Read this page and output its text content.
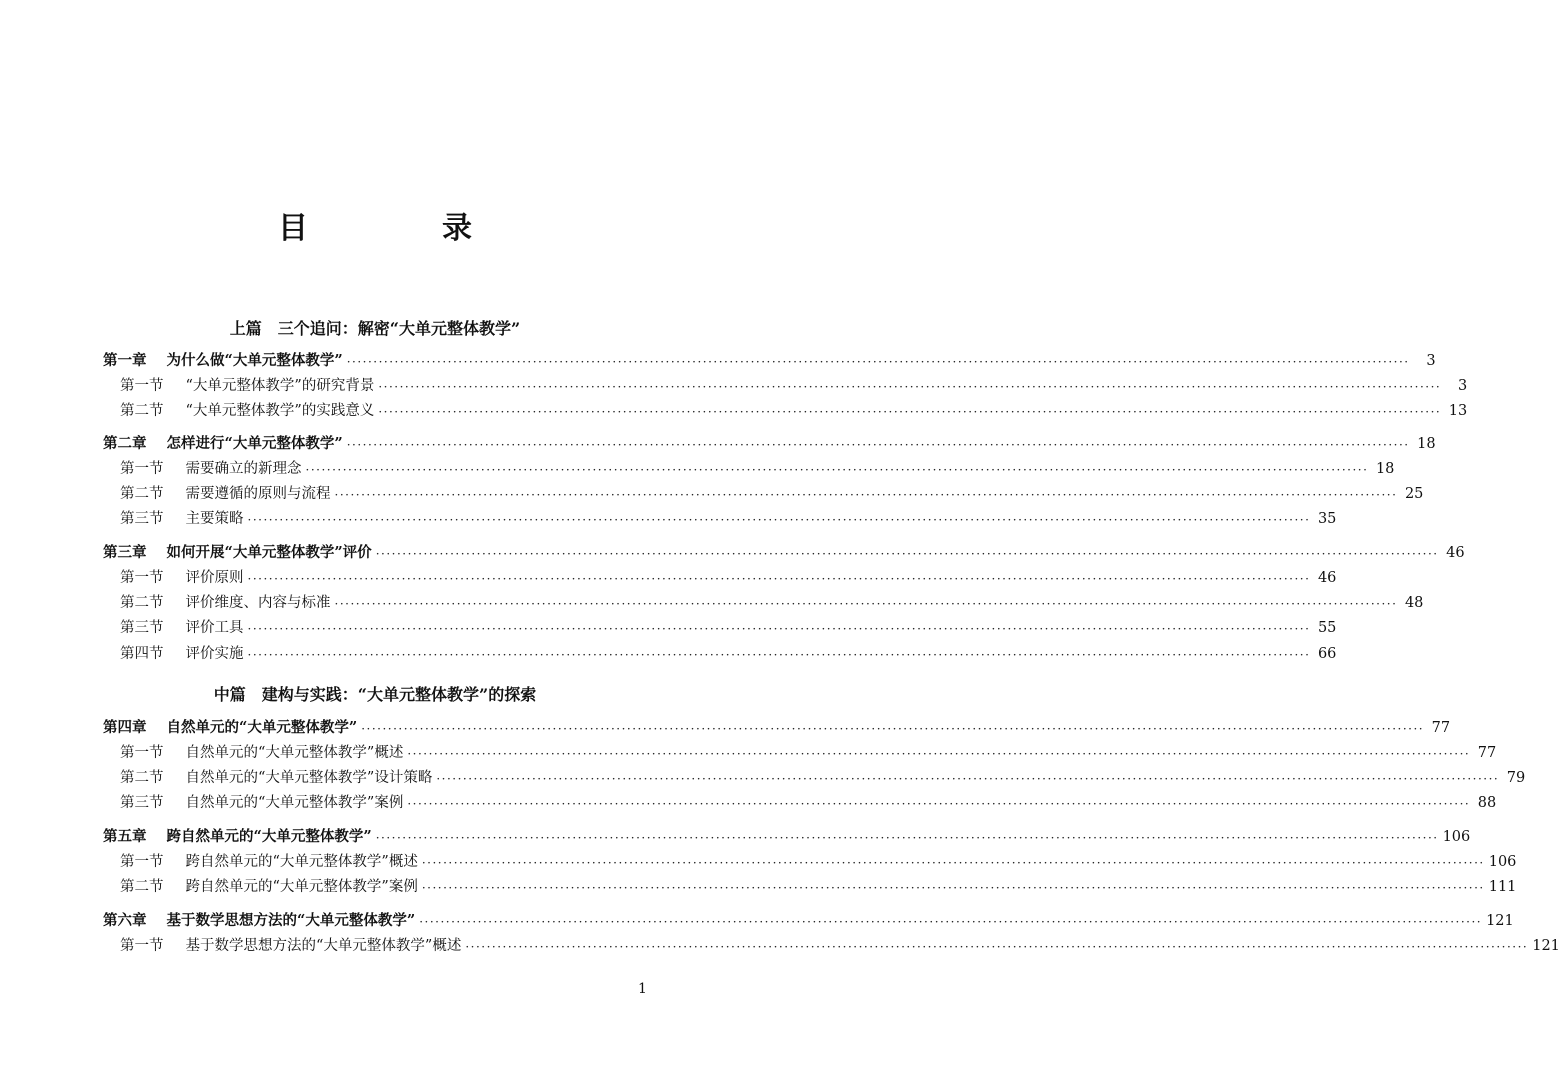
目　录
上篇　三个追问：解密“大单元整体教学”
中篇　建构与实践：“大单元整体教学”的探索
第一章 为什么做“大单元整体教学” ········································································································································································································	3
第一节 “大单元整体教学”的研究背景 ········································································································································································································	3
第二节 “大单元整体教学”的实践意义 ········································································································································································································ 13
第二章 怎样进行“大单元整体教学” ········································································································································································································ 18
第一节 需要确立的新理念 ········································································································································································································ 18
第二节 需要遵循的原则与流程 ········································································································································································································ 25
第三节 主要策略 ········································································································································································································ 35
第三章 如何开展“大单元整体教学”评价 ········································································································································································································ 46
第一节 评价原则 ········································································································································································································ 46
第二节 评价维度、内容与标准 ········································································································································································································ 48
第三节 评价工具 ········································································································································································································ 55
第四节 评价实施 ········································································································································································································ 66
第四章 自然单元的“大单元整体教学” ········································································································································································································ 77
第一节 自然单元的“大单元整体教学”概述 ········································································································································································································ 77
第二节 自然单元的“大单元整体教学”设计策略 ········································································································································································································ 79
第三节 自然单元的“大单元整体教学”案例 ········································································································································································································ 88
第五章 跨自然单元的“大单元整体教学” ········································································································································································································ 106
第一节 跨自然单元的“大单元整体教学”概述 ········································································································································································································ 106
第二节 跨自然单元的“大单元整体教学”案例 ········································································································································································································ 111
第六章 基于数学思想方法的“大单元整体教学” ········································································································································································································ 121
第一节 基于数学思想方法的“大单元整体教学”概述 ········································································································································································································ 121
1
